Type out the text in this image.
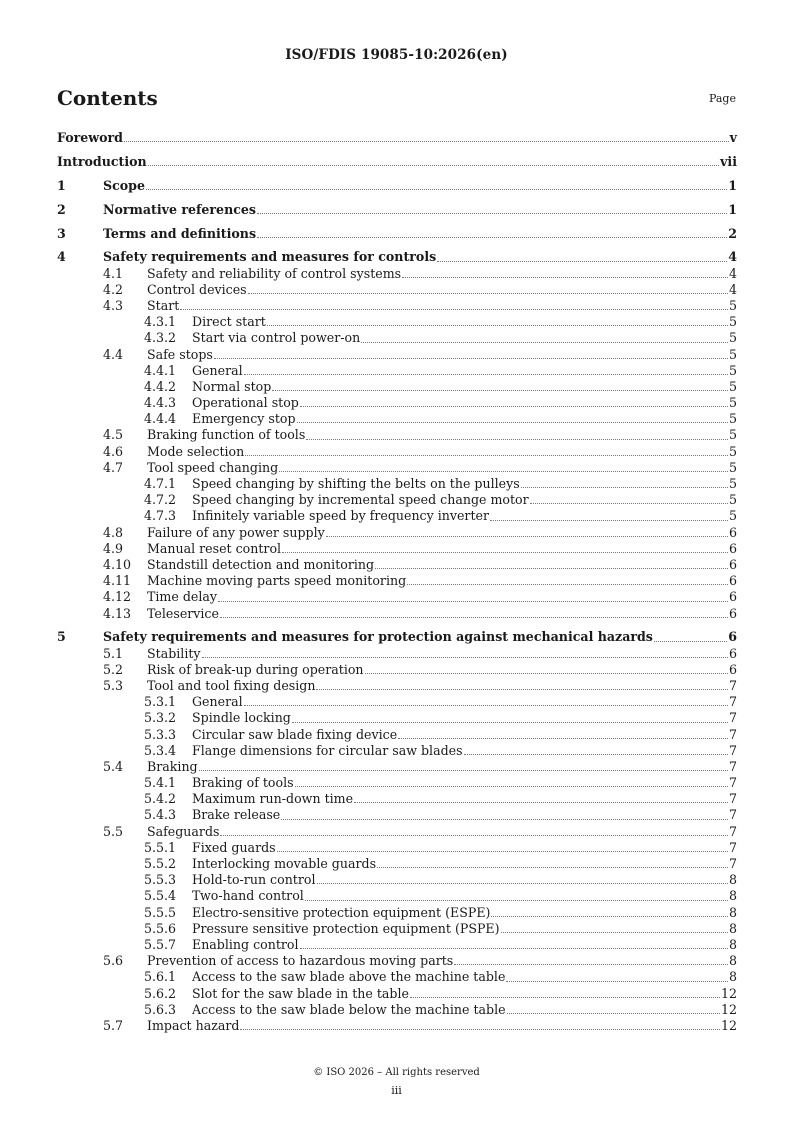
ISO/FDIS 19085-10:2026(en)
Contents	Page
Foreword	v
Introduction	vii
1	Scope	1
2	Normative references	1
3	Terms and definitions	2
4	Safety requirements and measures for controls	4
4.1 Safety and reliability of control systems	4
4.2 Control devices	4
4.3 Start	5
4.3.1 Direct start	5
4.3.2 Start via control power-on	5
4.4 Safe stops	5
4.4.1 General	5
4.4.2 Normal stop	5
4.4.3 Operational stop	5
4.4.4 Emergency stop	5
4.5 Braking function of tools	5
4.6 Mode selection	5
4.7 Tool speed changing	5
4.7.1 Speed changing by shifting the belts on the pulleys	5
4.7.2 Speed changing by incremental speed change motor	5
4.7.3 Infinitely variable speed by frequency inverter	5
4.8 Failure of any power supply	6
4.9 Manual reset control	6
4.10 Standstill detection and monitoring	6
4.11 Machine moving parts speed monitoring	6
4.12 Time delay	6
4.13 Teleservice	6
5	Safety requirements and measures for protection against mechanical hazards	6
5.1 Stability	6
5.2 Risk of break-up during operation	6
5.3 Tool and tool fixing design	7
5.3.1 General	7
5.3.2 Spindle locking	7
5.3.3 Circular saw blade fixing device	7
5.3.4 Flange dimensions for circular saw blades	7
5.4 Braking	7
5.4.1 Braking of tools	7
5.4.2 Maximum run-down time	7
5.4.3 Brake release	7
5.5 Safeguards	7
5.5.1 Fixed guards	7
5.5.2 Interlocking movable guards	7
5.5.3 Hold-to-run control	8
5.5.4 Two-hand control	8
5.5.5 Electro-sensitive protection equipment (ESPE)	8
5.5.6 Pressure sensitive protection equipment (PSPE)	8
5.5.7 Enabling control	8
5.6 Prevention of access to hazardous moving parts	8
5.6.1 Access to the saw blade above the machine table	8
5.6.2 Slot for the saw blade in the table	12
5.6.3 Access to the saw blade below the machine table	12
5.7 Impact hazard	12
© ISO 2026 – All rights reserved
iii
